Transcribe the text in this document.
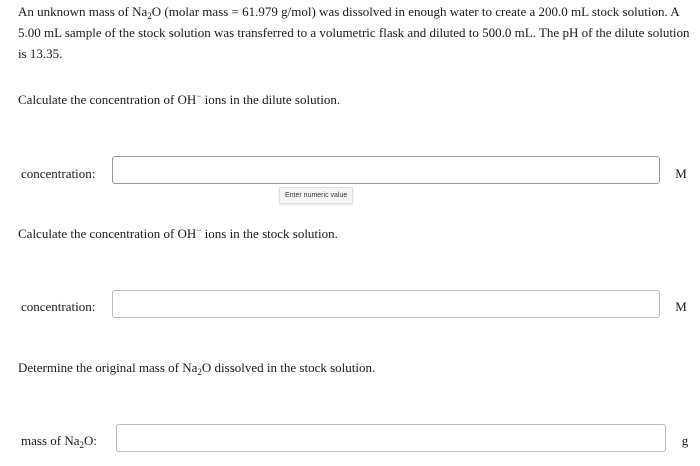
An unknown mass of $Na_2O$ (molar mass = 61.979 g/mol) was dissolved in enough water to create a 200.0 mL stock solution. A 5.00 mL sample of the stock solution was transferred to a volumetric flask and diluted to 500.0 mL. The pH of the dilute solution is 13.35.
Calculate the concentration of OH− ions in the dilute solution.
concentration:	M
Enter numeric value
Calculate the concentration of OH− ions in the stock solution.
concentration:	M
Determine the original mass of $Na_2O$ dissolved in the stock solution.
mass of $Na_2O$:	g
